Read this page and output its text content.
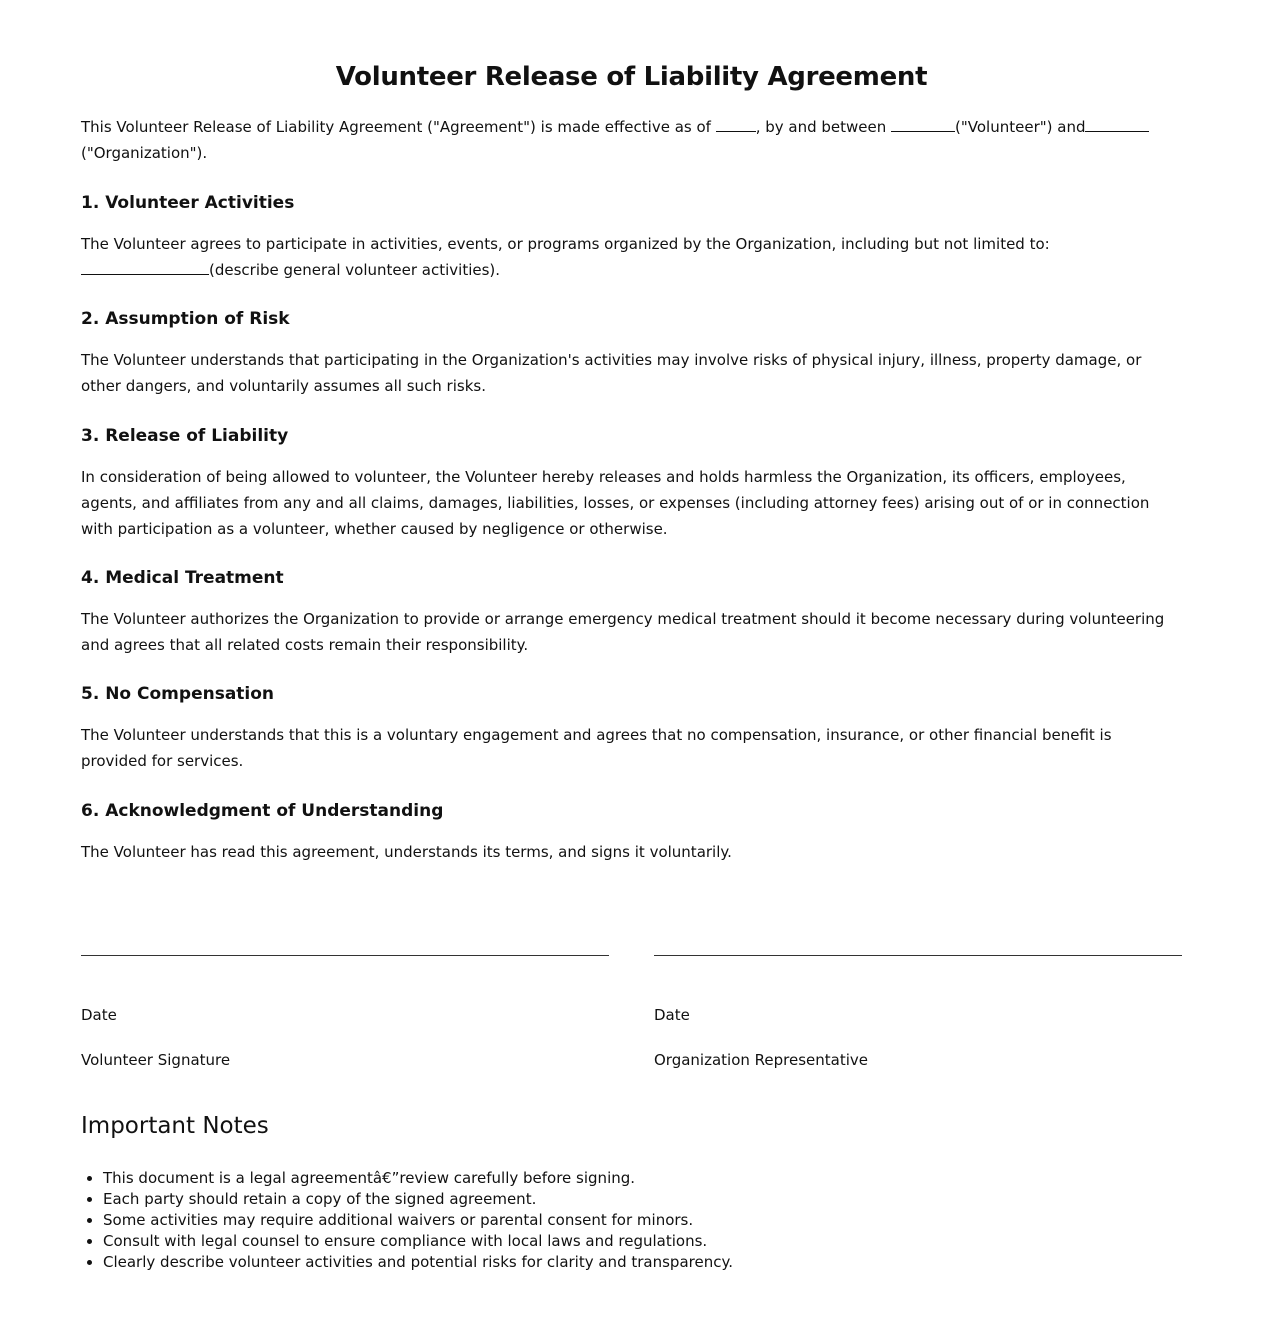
Volunteer Release of Liability Agreement

This Volunteer Release of Liability Agreement ("Agreement") is made effective as of	, by and between	("Volunteer") and
("Organization").

1. Volunteer Activities

The Volunteer agrees to participate in activities, events, or programs organized by the Organization, including but not limited to: (describe general volunteer activities).

2. Assumption of Risk

The Volunteer understands that participating in the Organization's activities may involve risks of physical injury, illness, property damage, or other dangers, and voluntarily assumes all such risks.

3. Release of Liability

In consideration of being allowed to volunteer, the Volunteer hereby releases and holds harmless the Organization, its officers, employees, agents, and affiliates from any and all claims, damages, liabilities, losses, or expenses (including attorney fees) arising out of or in connection with participation as a volunteer, whether caused by negligence or otherwise.

4. Medical Treatment

The Volunteer authorizes the Organization to provide or arrange emergency medical treatment should it become necessary during volunteering and agrees that all related costs remain their responsibility.

5. No Compensation

The Volunteer understands that this is a voluntary engagement and agrees that no compensation, insurance, or other financial benefit is provided for services.

6. Acknowledgment of Understanding

The Volunteer has read this agreement, understands its terms, and signs it voluntarily.

Date	Date
Volunteer Signature	Organization Representative
Important Notes
• This document is a legal agreementâ€”review carefully before signing.
• Each party should retain a copy of the signed agreement.
• Some activities may require additional waivers or parental consent for minors.
• Consult with legal counsel to ensure compliance with local laws and regulations.
• Clearly describe volunteer activities and potential risks for clarity and transparency.
